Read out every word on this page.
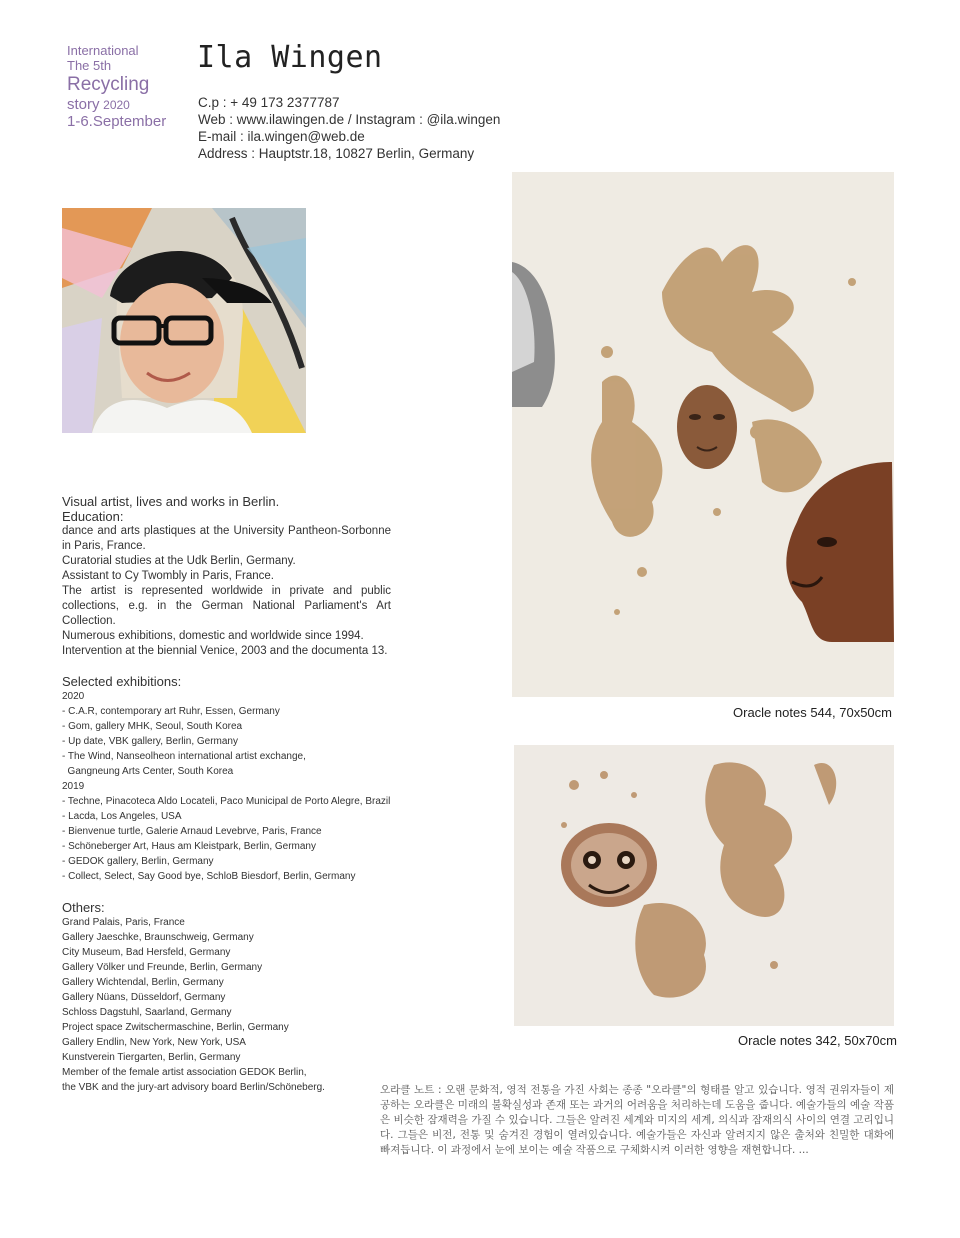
International
The 5th
Recycling
story 2020
1-6.September
Ila Wingen
C.p : + 49 173 2377787
Web : www.ilawingen.de / Instagram : @ila.wingen
E-mail : ila.wingen@web.de
Address : Hauptstr.18, 10827 Berlin, Germany

Visual artist, lives and works in Berlin.

Education:

dance and arts plastiques at the University Pantheon-Sorbonne in Paris, France.

Curatorial studies at the Udk Berlin, Germany.

Assistant to Cy Twombly in Paris, France.

The artist is represented worldwide in private and public collections, e.g. in the German National Parliament's Art Collection.

Numerous exhibitions, domestic and worldwide since 1994.

Intervention at the biennial Venice, 2003 and the documenta 13.

Selected exhibitions:

2020
- C.A.R, contemporary art Ruhr, Essen, Germany
- Gom, gallery MHK, Seoul, South Korea
- Up date, VBK gallery, Berlin, Germany
- The Wind, Nanseolheon international artist exchange,
Gangneung Arts Center, South Korea
2019
- Techne, Pinacoteca Aldo Locateli, Paco Municipal de Porto Alegre, Brazil
- Lacda, Los Angeles, USA
- Bienvenue turtle, Galerie Arnaud Levebrve, Paris, France
- Schöneberger Art, Haus am Kleistpark, Berlin, Germany
- GEDOK gallery, Berlin, Germany
- Collect, Select, Say Good bye, SchloB Biesdorf, Berlin, Germany

Others:

Grand Palais, Paris, France
Gallery Jaeschke, Braunschweig, Germany
City Museum, Bad Hersfeld, Germany
Gallery Völker und Freunde, Berlin, Germany
Gallery Wichtendal, Berlin, Germany
Gallery Nüans, Düsseldorf, Germany
Schloss Dagstuhl, Saarland, Germany
Project space Zwitschermaschine, Berlin, Germany
Gallery Endlin, New York, New York, USA
Kunstverein Tiergarten, Berlin, Germany
Member of the female artist association GEDOK Berlin,
the VBK and the jury-art advisory board Berlin/Schöneberg.
Oracle notes 544, 70x50cm
Oracle notes 342, 50x70cm
오라클 노트 : 오랜 문화적, 영적 전통을 가진 사회는 종종 "오라클"의 형태를 알고 있습니다. 영적 권위자들이 제공하는 오라클은 미래의 불확실성과 존재 또는 과거의 어려움을 처리하는데 도움을 줍니다. 예술가들의 예술 작품은 비슷한 잠재력을 가질 수 있습니다. 그들은 알려진 세계와 미지의 세계, 의식과 잠재의식 사이의 연결 고리입니다. 그들은 비전, 전통 및 숨겨진 경험이 열려있습니다. 예술가들은 자신과 알려지지 않은 출처와 친밀한 대화에 빠져듭니다. 이 과정에서 눈에 보이는 예술 작품으로 구체화시켜 이러한 영향을 재현합니다. ...
